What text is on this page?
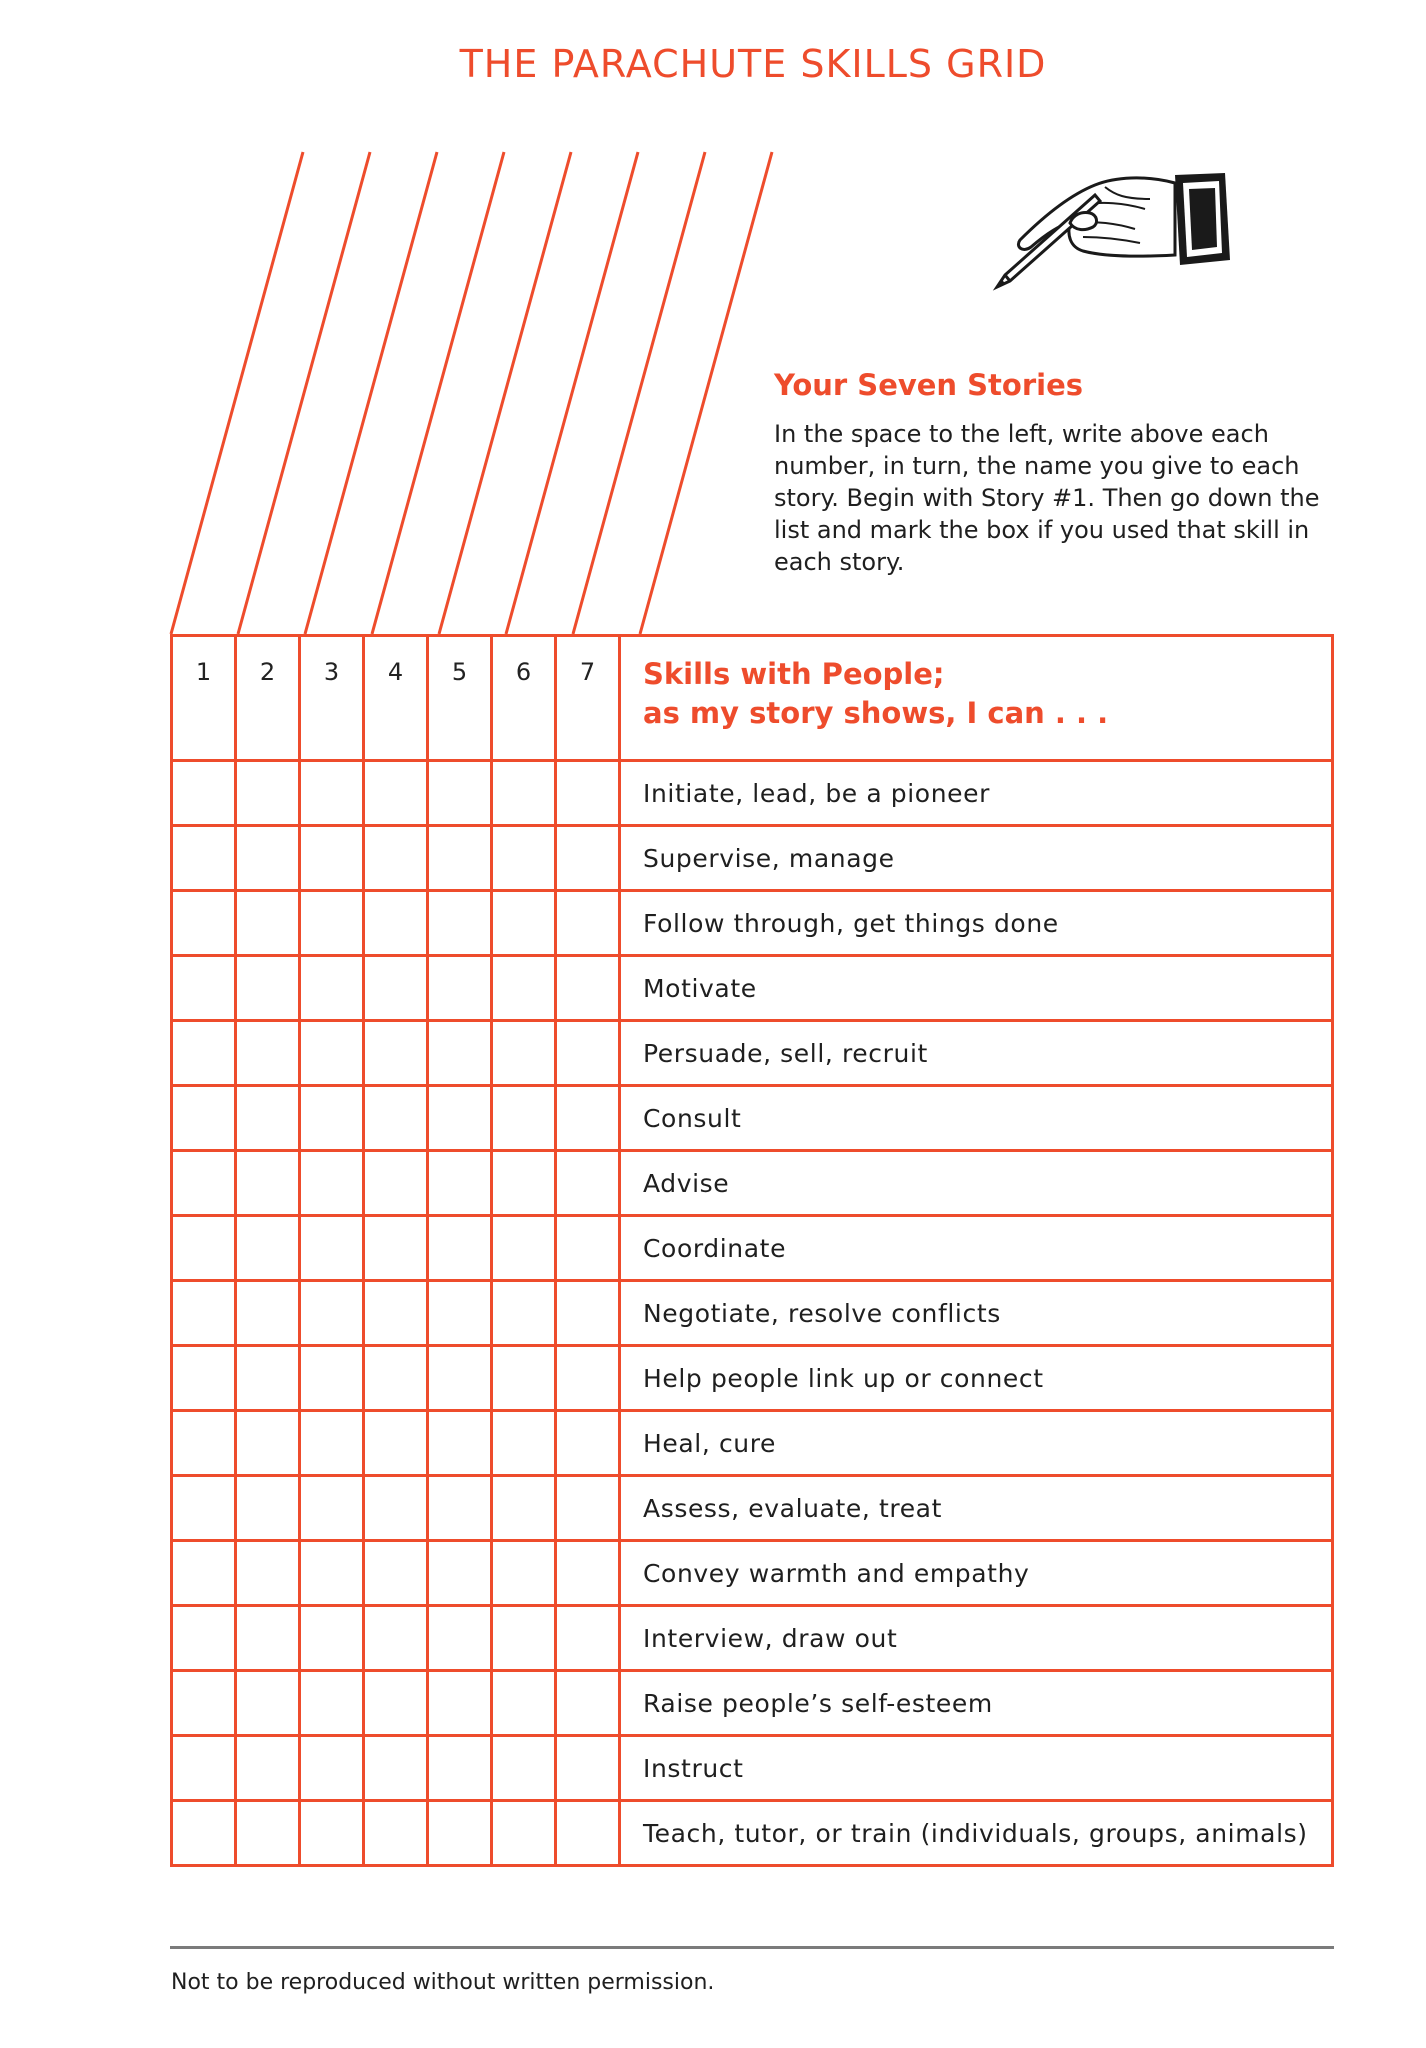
THE PARACHUTE SKILLS GRID
Your Seven Stories
In the space to the left, write above each number, in turn, the name you give to each story. Begin with Story #1. Then go down the list and mark the box if you used that skill in each story.
1	2	3	4	5	6	7	Skills with People;
as my story shows, I can . . .

							Initiate, lead, be a pioneer
							Supervise, manage
							Follow through, get things done
							Motivate
							Persuade, sell, recruit
							Consult
							Advise
							Coordinate
							Negotiate, resolve conflicts
							Help people link up or connect
							Heal, cure
							Assess, evaluate, treat
							Convey warmth and empathy
							Interview, draw out
							Raise people’s self-esteem
							Instruct
							Teach, tutor, or train (individuals, groups, animals)
Not to be reproduced without written permission.
